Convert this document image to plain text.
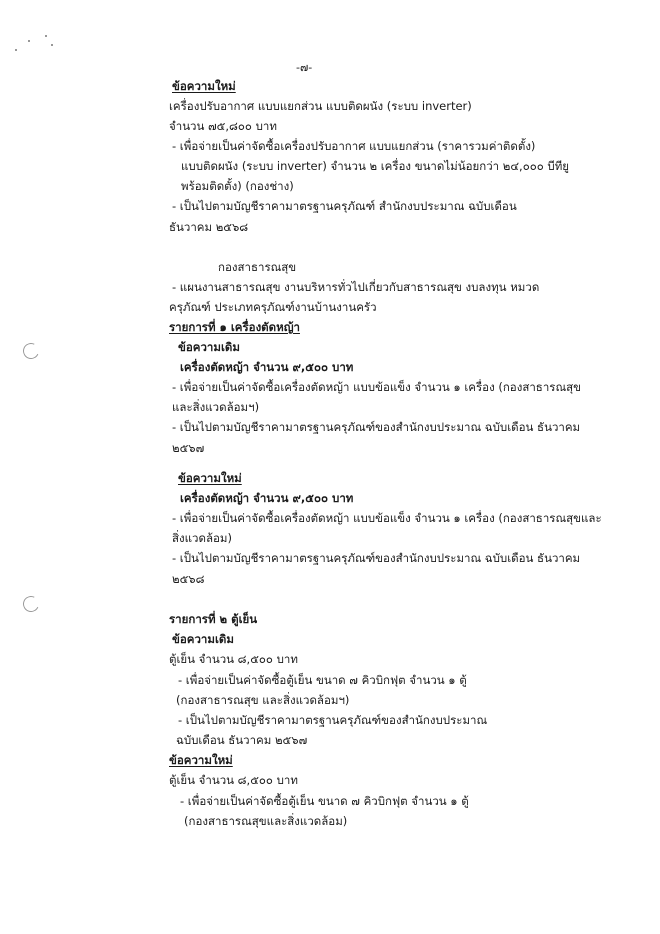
-๗-
ข้อความใหม่
เครื่องปรับอากาศ แบบแยกส่วน แบบติดผนัง (ระบบ inverter)
จำนวน ๗๕,๘๐๐ บาท
- เพื่อจ่ายเป็นค่าจัดซื้อเครื่องปรับอากาศ แบบแยกส่วน (ราคารวมค่าติดตั้ง)
แบบติดผนัง (ระบบ inverter) จำนวน ๒ เครื่อง ขนาดไม่น้อยกว่า ๒๔,๐๐๐ บีทียู
พร้อมติดตั้ง) (กองช่าง)
- เป็นไปตามบัญชีราคามาตรฐานครุภัณฑ์ สำนักงบประมาณ ฉบับเดือน
ธันวาคม ๒๕๖๘
กองสาธารณสุข
- แผนงานสาธารณสุข งานบริหารทั่วไปเกี่ยวกับสาธารณสุข งบลงทุน หมวด
ครุภัณฑ์ ประเภทครุภัณฑ์งานบ้านงานครัว
รายการที่ ๑ เครื่องตัดหญ้า
ข้อความเดิม
เครื่องตัดหญ้า จำนวน ๙,๕๐๐ บาท
- เพื่อจ่ายเป็นค่าจัดซื้อเครื่องตัดหญ้า แบบข้อแข็ง จำนวน ๑ เครื่อง (กองสาธารณสุข
และสิ่งแวดล้อมฯ)
- เป็นไปตามบัญชีราคามาตรฐานครุภัณฑ์ของสำนักงบประมาณ ฉบับเดือน ธันวาคม
๒๕๖๗
ข้อความใหม่
เครื่องตัดหญ้า จำนวน ๙,๕๐๐ บาท
- เพื่อจ่ายเป็นค่าจัดซื้อเครื่องตัดหญ้า แบบข้อแข็ง จำนวน ๑ เครื่อง (กองสาธารณสุขและ
สิ่งแวดล้อม)
- เป็นไปตามบัญชีราคามาตรฐานครุภัณฑ์ของสำนักงบประมาณ ฉบับเดือน ธันวาคม
๒๕๖๘
รายการที่ ๒ ตู้เย็น
ข้อความเดิม
ตู้เย็น จำนวน ๘,๕๐๐ บาท
- เพื่อจ่ายเป็นค่าจัดซื้อตู้เย็น ขนาด ๗ คิวบิกฟุต จำนวน ๑ ตู้
(กองสาธารณสุข และสิ่งแวดล้อมฯ)
- เป็นไปตามบัญชีราคามาตรฐานครุภัณฑ์ของสำนักงบประมาณ
ฉบับเดือน ธันวาคม ๒๕๖๗
ข้อความใหม่
ตู้เย็น จำนวน ๘,๕๐๐ บาท
- เพื่อจ่ายเป็นค่าจัดซื้อตู้เย็น ขนาด ๗ คิวบิกฟุต จำนวน ๑ ตู้
(กองสาธารณสุขและสิ่งแวดล้อม)
